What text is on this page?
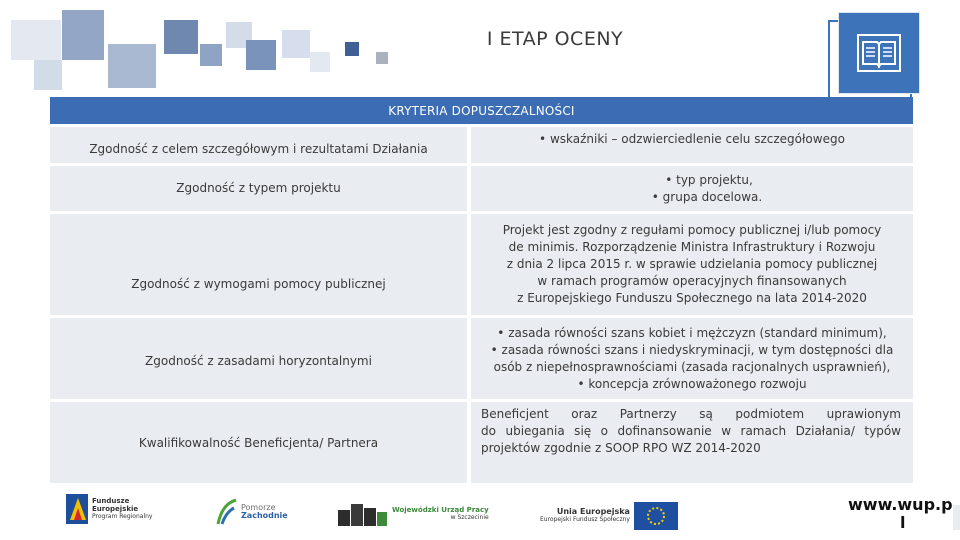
I ETAP OCENY
KRYTERIA DOPUSZCZALNOŚCI
Zgodność z celem szczegółowym i rezultatami Działania
• wskaźniki – odzwierciedlenie celu szczegółowego
Zgodność z typem projektu
• typ projektu,
• grupa docelowa.
Zgodność z wymogami pomocy publicznej
Projekt jest zgodny z regułami pomocy publicznej i/lub pomocy
de minimis. Rozporządzenie Ministra Infrastruktury i Rozwoju
z dnia 2 lipca 2015 r. w sprawie udzielania pomocy publicznej
w ramach programów operacyjnych finansowanych
z Europejskiego Funduszu Społecznego na lata 2014-2020
Zgodność z zasadami horyzontalnymi
• zasada równości szans kobiet i mężczyzn (standard minimum),
• zasada równości szans i niedyskryminacji, w tym dostępności dla
osób z niepełnosprawnościami (zasada racjonalnych usprawnień),
• koncepcja zrównoważonego rozwoju
Kwalifikowalność Beneficjenta/ Partnera
Beneficjent oraz Partnerzy są podmiotem uprawionym
do ubiegania się o dofinansowanie w ramach Działania/ typów
projektów zgodnie z SOOP RPO WZ 2014-2020
Fundusze
Europejskie
Program Regionalny
Pomorze
Zachodnie
Wojewódzki Urząd Pracy
w Szczecinie
Unia Europejska
Europejski Fundusz Społeczny
www.wup.p
l
